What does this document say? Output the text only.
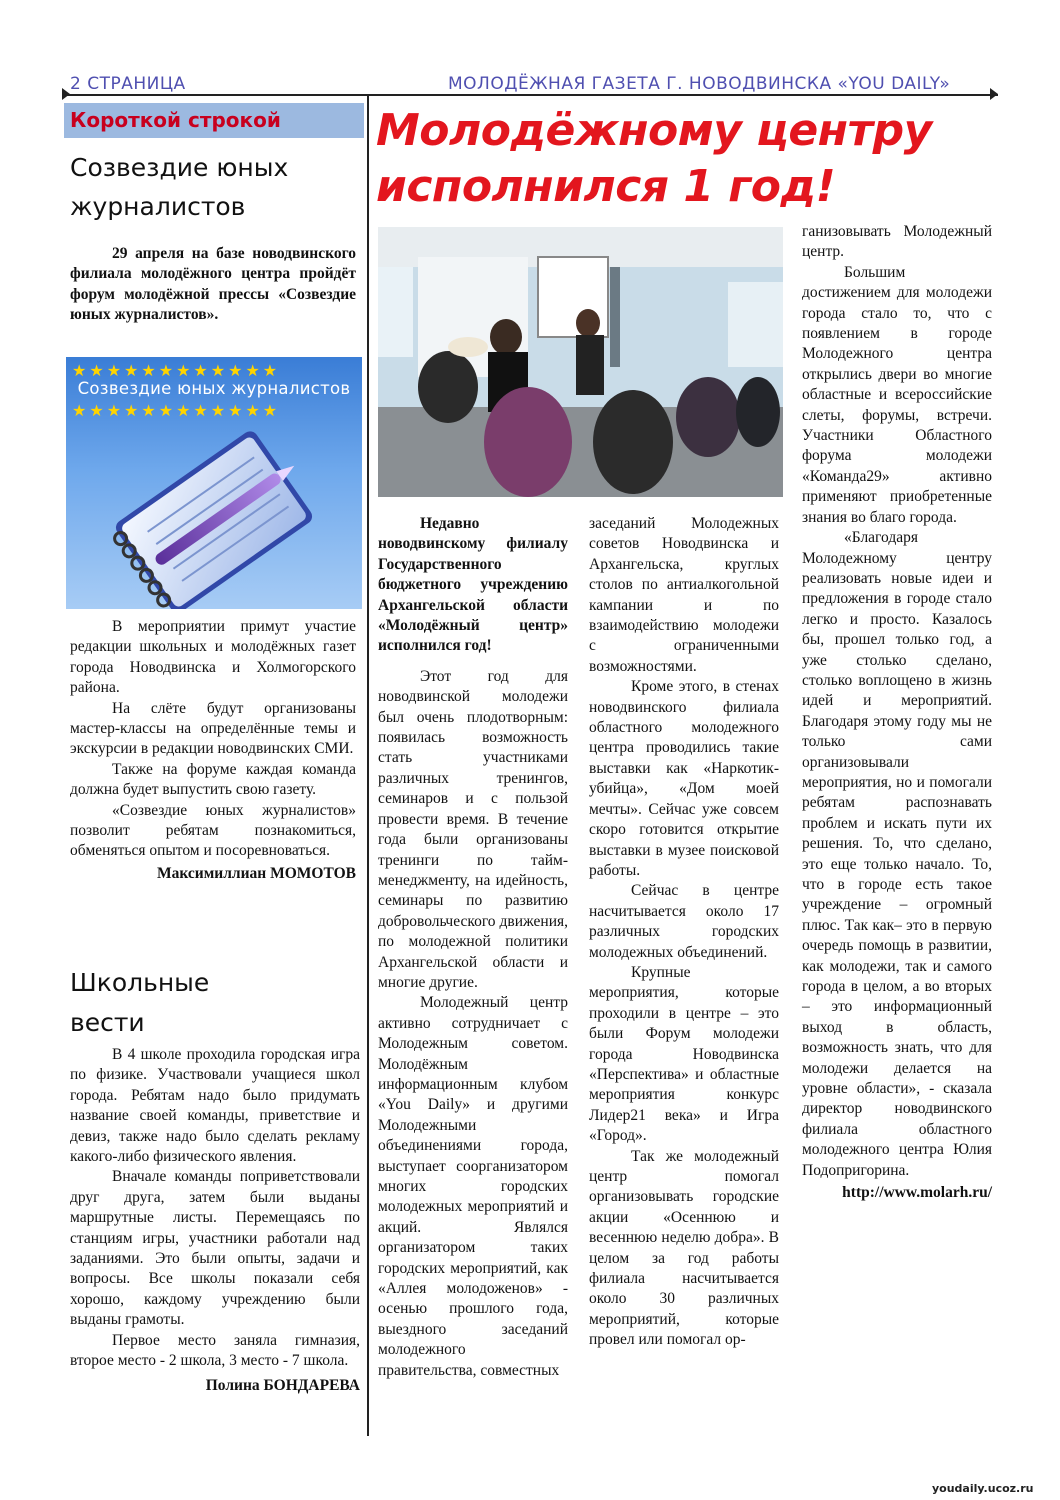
2 СТРАНИЦА	МОЛОДЁЖНАЯ ГАЗЕТА Г. НОВОДВИНСКА «YOU DAILY»
Короткой строкой
Созвездие юных
журналистов

29 апреля на базе новодвинского филиала молодёжного центра пройдёт форум молодёжной прессы «Созвездие юных журналистов».

★★★★★★★★★★★★
Созвездие юных журналистов
★★★★★★★★★★★★

В мероприятии примут участие редакции школьных и молодёжных газет города Новодвинска и Холмогорского района.

На слёте будут организованы мастер-классы на определённые темы и экскурсии в редакции новодвинских СМИ.

Также на форуме каждая команда должна будет выпустить свою газету.

«Созвездие юных журналистов» позволит ребятам познакомиться, обменяться опытом и посоревноваться.

Максимиллиан МОМОТОВ
Школьные
вести

В 4 школе проходила городская игра по физике. Участвовали учащиеся школ города. Ребятам надо было придумать название своей команды, приветствие и девиз, также надо было сделать рекламу какого-либо физического явления.

Вначале команды поприветствовали друг друга, затем были выданы маршрутные листы. Перемещаясь по станциям игры, участники работали над заданиями. Это были опыты, задачи и вопросы. Все школы показали себя хорошо, каждому учреждению были выданы грамоты.

Первое место заняла гимназия, второе место - 2 школа, 3 место - 7 школа.

Полина БОНДАРЕВА
Молодёжному центру
исполнился 1 год!

Недавно новодвинскому филиалу Государственного бюджетного учреждению Архангельской области «Молодёжный центр» исполнился год!

Этот год для новодвинской молодежи был очень плодотворным: появилась возможность стать участниками различных тренингов, семинаров и с пользой провести время. В течение года были организованы тренинги по тайм-менеджменту, на идейность, семинары по развитию добровольческого движения, по молодежной политики Архангельской области и многие другие.

Молодежный центр активно сотрудничает с Молодежным советом. Молодёжным информационным клубом «You Daily» и другими Молодежными объединениями города, выступает соорганизатором многих городских молодежных мероприятий и акций. Являлся организатором таких городских мероприятий, как «Аллея молодоженов» - осенью прошлого года, выездного заседаний молодежного правительства, совместных

заседаний Молодежных советов Новодвинска и Архангельска, круглых столов по антиалкогольной кампании и по взаимодействию молодежи с ограниченными возможностями.

Кроме этого, в стенах новодвинского филиала областного молодежного центра проводились такие выставки как «Наркотик-убийца», «Дом моей мечты». Сейчас уже совсем скоро готовится открытие выставки в музее поисковой работы.

Сейчас в центре насчитывается около 17 различных городских молодежных объединений.

Крупные мероприятия, которые проходили в центре – это были Форум молодежи города Новодвинска «Перспектива» и областные мероприятия конкурс Лидер21 века» и Игра «Город».

Так же молодежный центр помогал организовывать городские акции «Осеннюю и весеннюю неделю добра». В целом за год работы филиала насчитывается около 30 различных мероприятий, которые провел или помогал ор-

ганизовывать Молодежный центр.

Большим достижением для молодежи города стало то, что с появлением в городе Молодежного центра открылись двери во многие областные и всероссийские слеты, форумы, встречи. Участники Областного форума молодежи «Команда29» активно применяют приобретенные знания во благо города.

«Благодаря Молодежному центру реализовать новые идеи и предложения в городе стало легко и просто. Казалось бы, прошел только год, а уже столько сделано, столько воплощено в жизнь идей и мероприятий. Благодаря этому году мы не только сами организовывали мероприятия, но и помогали ребятам распознавать проблем и искать пути их решения. То, что сделано, это еще только начало. То, что в городе есть такое учреждение – огромный плюс. Так как– это в первую очередь помощь в развитии, как молодежи, так и самого города в целом, а во вторых – это информационный выход в область, возможность знать, что для молодежи делается на уровне области», - сказала директор новодвинского филиала областного молодежного центра Юлия Подопригорина.

http://www.molarh.ru/
youdaily.ucoz.ru
